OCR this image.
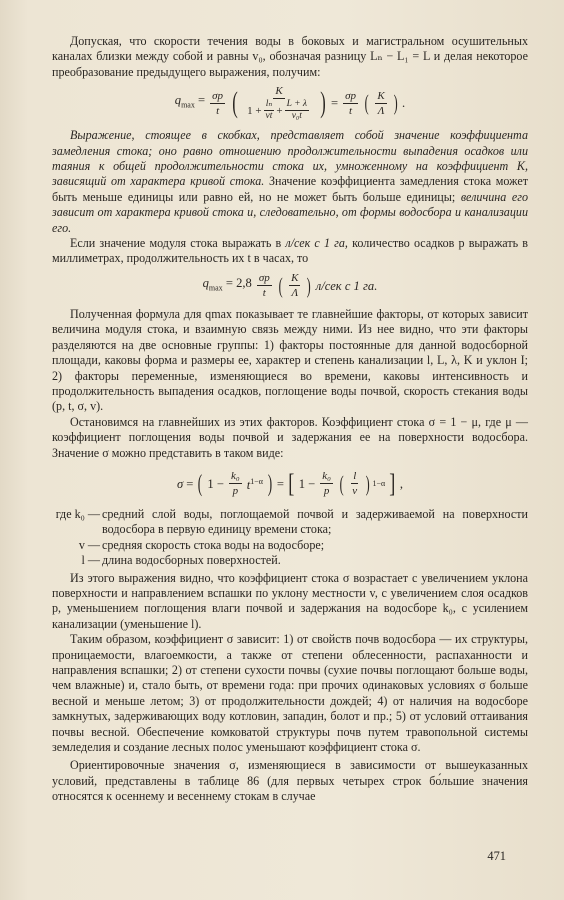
Допуская, что скорости течения воды в боковых и магистральном осушительных каналах близки между собой и равны v₀, обозначая разницу Lₙ − L₁ = L и делая некоторое преобразование предыдущего выражения, получим:

$q_{max} = \frac{\sigma p}{t}$ ( $\frac{K}{1 + \frac{\text{lₙ}}{vt} + \frac{L + \lambda}{\text{v₀t}}}$ ) = $\frac{\sigma p}{t}$ ( $\frac{K}{\Lambda}$ ) .

Выражение, стоящее в скобках, представляет собой значение коэффициента замедления стока; оно равно отношению продолжительности выпадения осадков или таяния к общей продолжительности стока их, умноженному на коэффициент K, зависящий от характера кривой стока. Значение коэффициента замедления стока может быть меньше единицы или равно ей, но не может быть больше единицы; величина его зависит от характера кривой стока и, следовательно, от формы водосбора и канализации его.

Если значение модуля стока выражать в л/сек с 1 га, количество осадков p выражать в миллиметрах, продолжительность их t в часах, то

$q_{max} = 2,8 \frac{\sigma p}{t}$ ( $\frac{K}{\Lambda}$ ) л/сек с 1 га.

Полученная формула для qmax показывает те главнейшие факторы, от которых зависит величина модуля стока, и взаимную связь между ними. Из нее видно, что эти факторы разделяются на две основные группы: 1) факторы постоянные для данной водосборной площади, каковы форма и размеры ее, характер и степень канализации l, L, λ, K и уклон I; 2) факторы переменные, изменяющиеся во времени, каковы интенсивность и продолжительность выпадения осадков, поглощение воды почвой, скорость стекания воды (p, t, σ, v).

Остановимся на главнейших из этих факторов. Коэффициент стока σ = 1 − μ, где μ — коэффициент поглощения воды почвой и задержания ее на поверхности водосбора. Значение σ можно представить в таком виде:

σ = ( $1 - \frac{\text{k₀}}{p} t^{1-\alpha}$ ) = [ $1 - \frac{\text{k₀}}{p}$ ( $\frac{l}{v}$ ) 1−α ] ,
где k₀ — средний слой воды, поглощаемой почвой и задерживаемой на поверхности водосбора в первую единицу времени стока;
v — средняя скорость стока воды на водосборе;
l — длина водосборных поверхностей.

Из этого выражения видно, что коэффициент стока σ возрастает с увеличением уклона поверхности и направлением вспашки по уклону местности v, с увеличением слоя осадков p, уменьшением поглощения влаги почвой и задержания на водосборе k₀, с усилением канализации (уменьшение l).

Таким образом, коэффициент σ зависит: 1) от свойств почв водосбора — их структуры, проницаемости, влагоемкости, а также от степени облесенности, распаханности и направления вспашки; 2) от степени сухости почвы (сухие почвы поглощают больше воды, чем влажные) и, стало быть, от времени года: при прочих одинаковых условиях σ больше весной и меньше летом; 3) от продолжительности дождей; 4) от наличия на водосборе замкнутых, задерживающих воду котловин, западин, болот и пр.; 5) от условий оттаивания почвы весной. Обеспечение комковатой структуры почв путем травопольной системы земледелия и создание лесных полос уменьшают коэффициент стока σ.

Ориентировочные значения σ, изменяющиеся в зависимости от вышеуказанных условий, представлены в таблице 86 (для первых четырех строк бо́льшие значения относятся к осеннему и весеннему стокам в случае

471
